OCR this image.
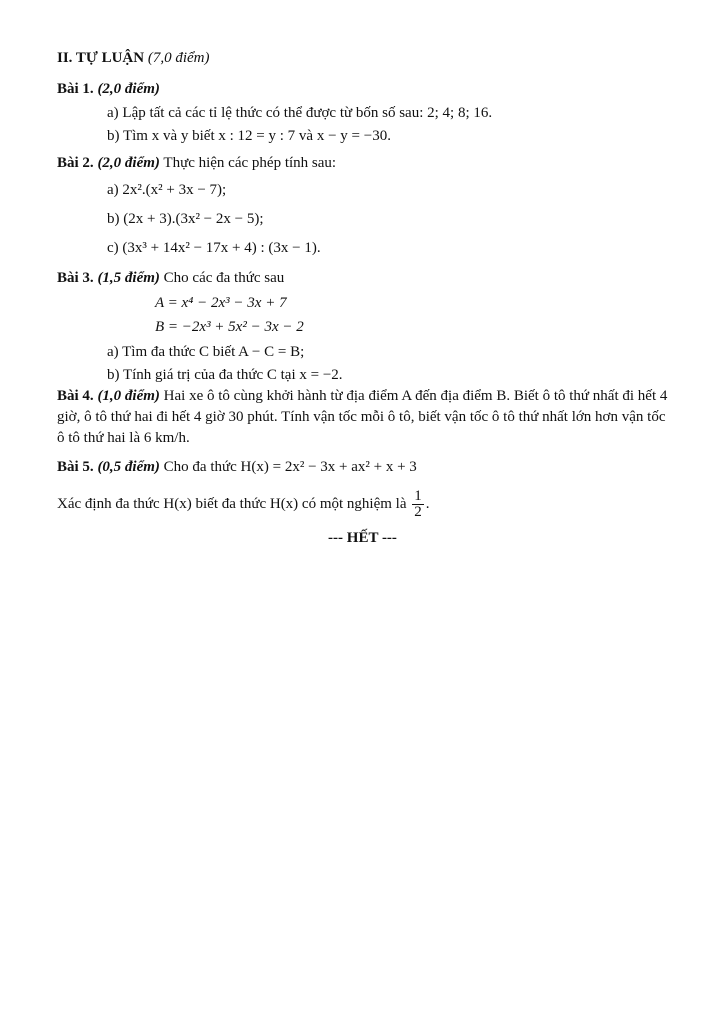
II. TỰ LUẬN (7,0 điểm)
Bài 1. (2,0 điểm)
a) Lập tất cả các tỉ lệ thức có thể được từ bốn số sau: 2; 4; 8; 16.
b) Tìm x và y biết x : 12 = y : 7 và x − y = −30.
Bài 2. (2,0 điểm) Thực hiện các phép tính sau:
a) 2x².(x² + 3x − 7);
b) (2x + 3).(3x² − 2x − 5);
c) (3x³ + 14x² − 17x + 4) : (3x − 1).
Bài 3. (1,5 điểm) Cho các đa thức sau
A = x⁴ − 2x³ − 3x + 7
B = −2x³ + 5x² − 3x − 2
a) Tìm đa thức C biết A − C = B;
b) Tính giá trị của đa thức C tại x = −2.
Bài 4. (1,0 điểm) Hai xe ô tô cùng khởi hành từ địa điểm A đến địa điểm B. Biết ô tô thứ nhất đi hết 4 giờ, ô tô thứ hai đi hết 4 giờ 30 phút. Tính vận tốc mỗi ô tô, biết vận tốc ô tô thứ nhất lớn hơn vận tốc ô tô thứ hai là 6 km/h.
Bài 5. (0,5 điểm) Cho đa thức H(x) = 2x² − 3x + ax² + x + 3
Xác định đa thức H(x) biết đa thức H(x) có một nghiệm là $\frac{1}{2}$ .
--- HẾT ---
